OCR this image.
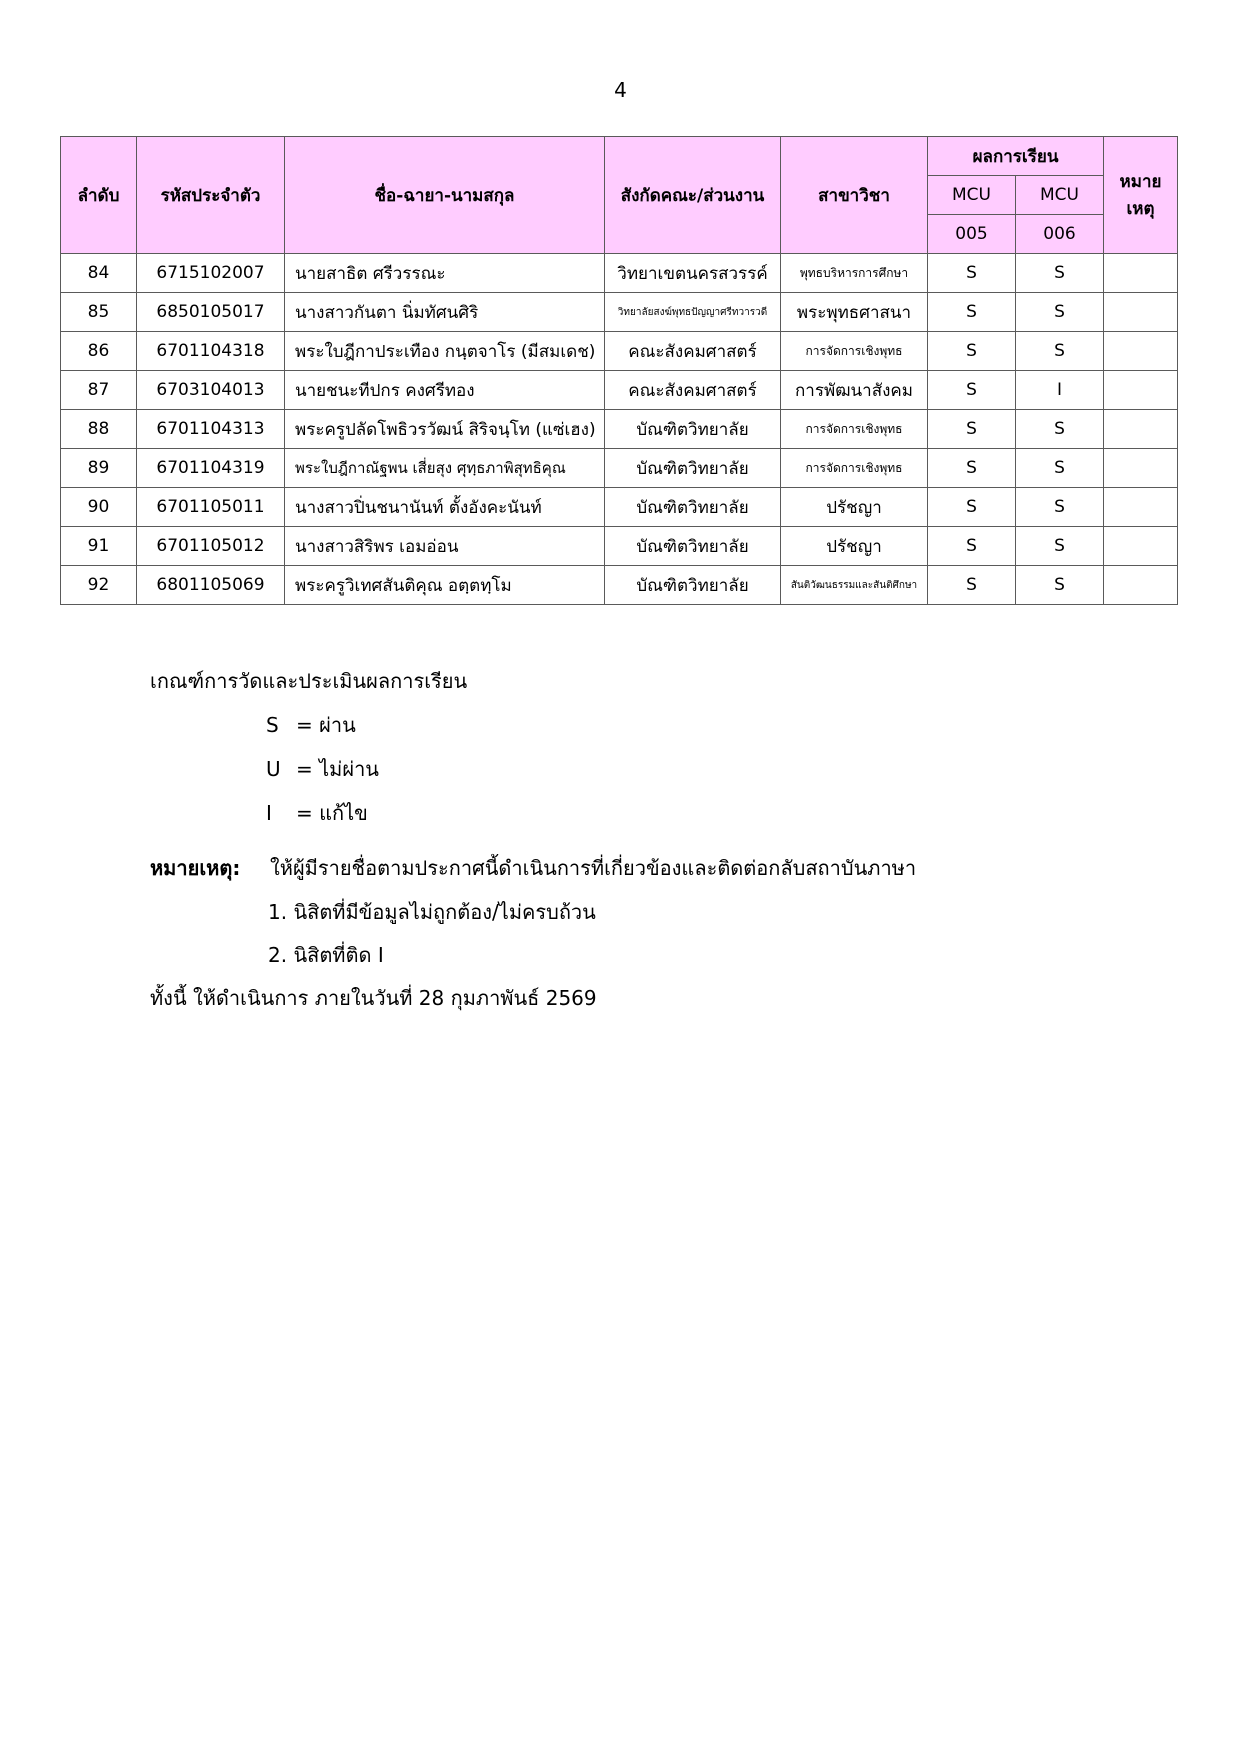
4
ลำดับ	รหัสประจำตัว	ชื่อ-ฉายา-นามสกุล	สังกัดคณะ/ส่วนงาน	สาขาวิชา	ผลการเรียน		หมาย
เหตุ
					MCU	MCU	
					005	006	
84	6715102007	นายสาธิต ศรีวรรณะ	วิทยาเขตนครสวรรค์	พุทธบริหารการศึกษา	S	S	
85	6850105017	นางสาวกันตา นิ่มทัศนศิริ	วิทยาลัยสงฆ์พุทธปัญญาศรีทวารวดี	พระพุทธศาสนา	S	S	
86	6701104318	พระใบฎีกาประเทือง กนฺตจาโร (มีสมเดช)	คณะสังคมศาสตร์	การจัดการเชิงพุทธ	S	S	
87	6703104013	นายชนะทีปกร คงศรีทอง	คณะสังคมศาสตร์	การพัฒนาสังคม	S	I	
88	6701104313	พระครูปลัดโพธิวรวัฒน์ สิริจนฺโท (แซ่เฮง)	บัณฑิตวิทยาลัย	การจัดการเชิงพุทธ	S	S	
89	6701104319	พระใบฎีกาณัฐพน เสี่ยสุง ศุทฺธภาพิสุทธิคุณ	บัณฑิตวิทยาลัย	การจัดการเชิงพุทธ	S	S	
90	6701105011	นางสาวปิ่นชนานันท์ ตั้งอังคะนันท์	บัณฑิตวิทยาลัย	ปรัชญา	S	S	
91	6701105012	นางสาวสิริพร เอมอ่อน	บัณฑิตวิทยาลัย	ปรัชญา	S	S	
92	6801105069	พระครูวิเทศสันติคุณ อตฺตทฺโม	บัณฑิตวิทยาลัย	สันติวัฒนธรรมและสันติศึกษา	S	S	
เกณฑ์การวัดและประเมินผลการเรียน
S = ผ่าน
U = ไม่ผ่าน
I = แก้ไข
หมายเหตุ: ให้ผู้มีรายชื่อตามประกาศนี้ดำเนินการที่เกี่ยวข้องและติดต่อกลับสถาบันภาษา
1. นิสิตที่มีข้อมูลไม่ถูกต้อง/ไม่ครบถ้วน
2. นิสิตที่ติด I
ทั้งนี้ ให้ดำเนินการ ภายในวันที่ 28 กุมภาพันธ์ 2569
